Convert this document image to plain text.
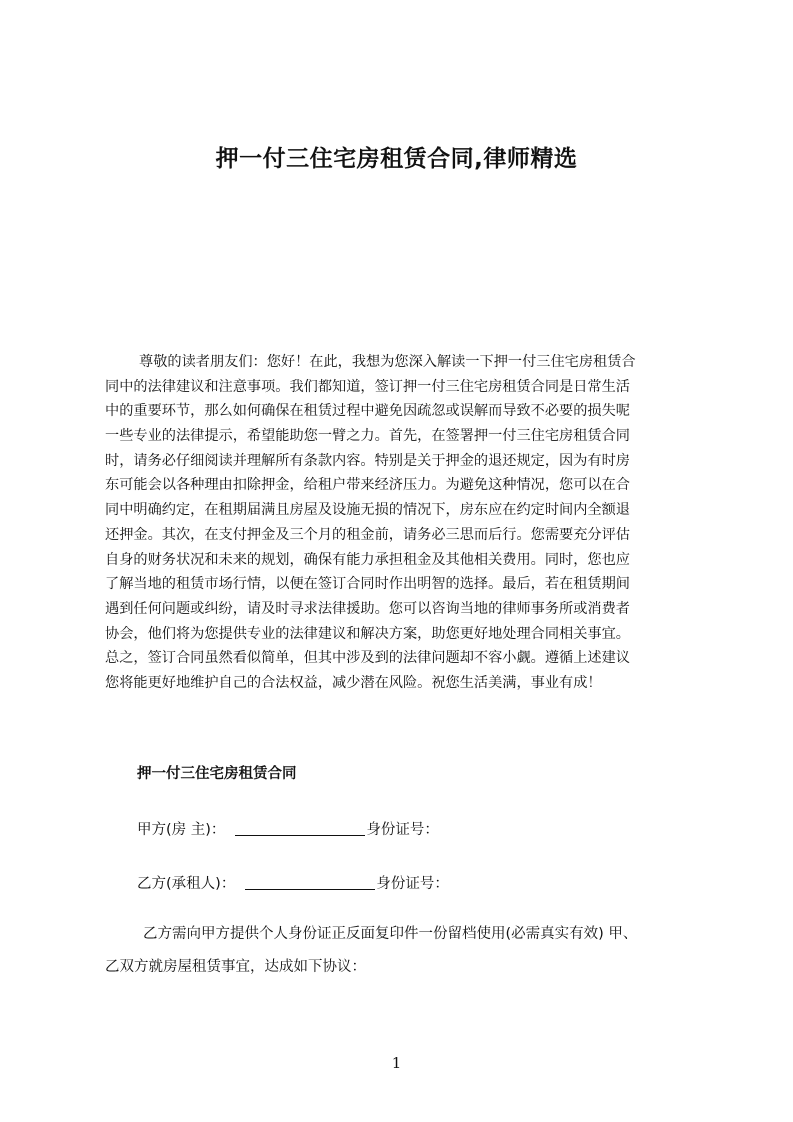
押一付三住宅房租赁合同,律师精选
尊敬的读者朋友们：您好！在此，我想为您深入解读一下押一付三住宅房租赁合
同中的法律建议和注意事项。我们都知道，签订押一付三住宅房租赁合同是日常生活
中的重要环节，那么如何确保在租赁过程中避免因疏忽或误解而导致不必要的损失呢
一些专业的法律提示，希望能助您一臂之力。首先，在签署押一付三住宅房租赁合同
时，请务必仔细阅读并理解所有条款内容。特别是关于押金的退还规定，因为有时房
东可能会以各种理由扣除押金，给租户带来经济压力。为避免这种情况，您可以在合
同中明确约定，在租期届满且房屋及设施无损的情况下，房东应在约定时间内全额退
还押金。其次，在支付押金及三个月的租金前，请务必三思而后行。您需要充分评估
自身的财务状况和未来的规划，确保有能力承担租金及其他相关费用。同时，您也应
了解当地的租赁市场行情，以便在签订合同时作出明智的选择。最后，若在租赁期间
遇到任何问题或纠纷，请及时寻求法律援助。您可以咨询当地的律师事务所或消费者
协会，他们将为您提供专业的法律建议和解决方案，助您更好地处理合同相关事宜。
总之，签订合同虽然看似简单，但其中涉及到的法律问题却不容小觑。遵循上述建议
您将能更好地维护自己的合法权益，减少潜在风险。祝您生活美满，事业有成！
押一付三住宅房租赁合同
甲方(房 主)：	身份证号：
乙方(承租人)：	身份证号：
乙方需向甲方提供个人身份证正反面复印件一份留档使用(必需真实有效) 甲、
乙双方就房屋租赁事宜，达成如下协议：
1
